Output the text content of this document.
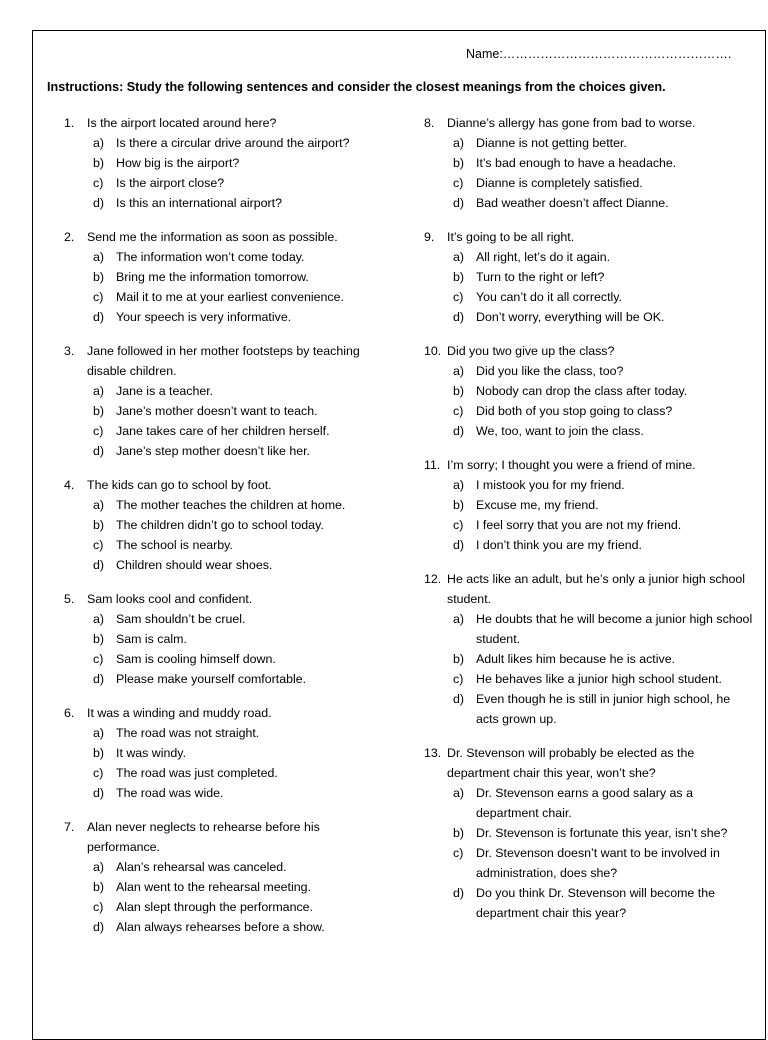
Name:……………………………………………….
Instructions: Study the following sentences and consider the closest meanings from the choices given.
1. Is the airport located around here?
a) Is there a circular drive around the airport?
b) How big is the airport?
c) Is the airport close?
d) Is this an international airport?
2. Send me the information as soon as possible.
a) The information won’t come today.
b) Bring me the information tomorrow.
c) Mail it to me at your earliest convenience.
d) Your speech is very informative.
3. Jane followed in her mother footsteps by teaching disable children.
a) Jane is a teacher.
b) Jane’s mother doesn’t want to teach.
c) Jane takes care of her children herself.
d) Jane’s step mother doesn’t like her.
4. The kids can go to school by foot.
a) The mother teaches the children at home.
b) The children didn’t go to school today.
c) The school is nearby.
d) Children should wear shoes.
5. Sam looks cool and confident.
a) Sam shouldn’t be cruel.
b) Sam is calm.
c) Sam is cooling himself down.
d) Please make yourself comfortable.
6. It was a winding and muddy road.
a) The road was not straight.
b) It was windy.
c) The road was just completed.
d) The road was wide.
7. Alan never neglects to rehearse before his performance.
a) Alan’s rehearsal was canceled.
b) Alan went to the rehearsal meeting.
c) Alan slept through the performance.
d) Alan always rehearses before a show.
8. Dianne’s allergy has gone from bad to worse.
a) Dianne is not getting better.
b) It’s bad enough to have a headache.
c) Dianne is completely satisfied.
d) Bad weather doesn’t affect Dianne.
9. It’s going to be all right.
a) All right, let’s do it again.
b) Turn to the right or left?
c) You can’t do it all correctly.
d) Don’t worry, everything will be OK.
10. Did you two give up the class?
a) Did you like the class, too?
b) Nobody can drop the class after today.
c) Did both of you stop going to class?
d) We, too, want to join the class.
11. I’m sorry; I thought you were a friend of mine.
a) I mistook you for my friend.
b) Excuse me, my friend.
c) I feel sorry that you are not my friend.
d) I don’t think you are my friend.
12. He acts like an adult, but he’s only a junior high school student.
a) He doubts that he will become a junior high school student.
b) Adult likes him because he is active.
c) He behaves like a junior high school student.
d) Even though he is still in junior high school, he acts grown up.
13. Dr. Stevenson will probably be elected as the department chair this year, won’t she?
a) Dr. Stevenson earns a good salary as a department chair.
b) Dr. Stevenson is fortunate this year, isn’t she?
c) Dr. Stevenson doesn’t want to be involved in administration, does she?
d) Do you think Dr. Stevenson will become the department chair this year?
